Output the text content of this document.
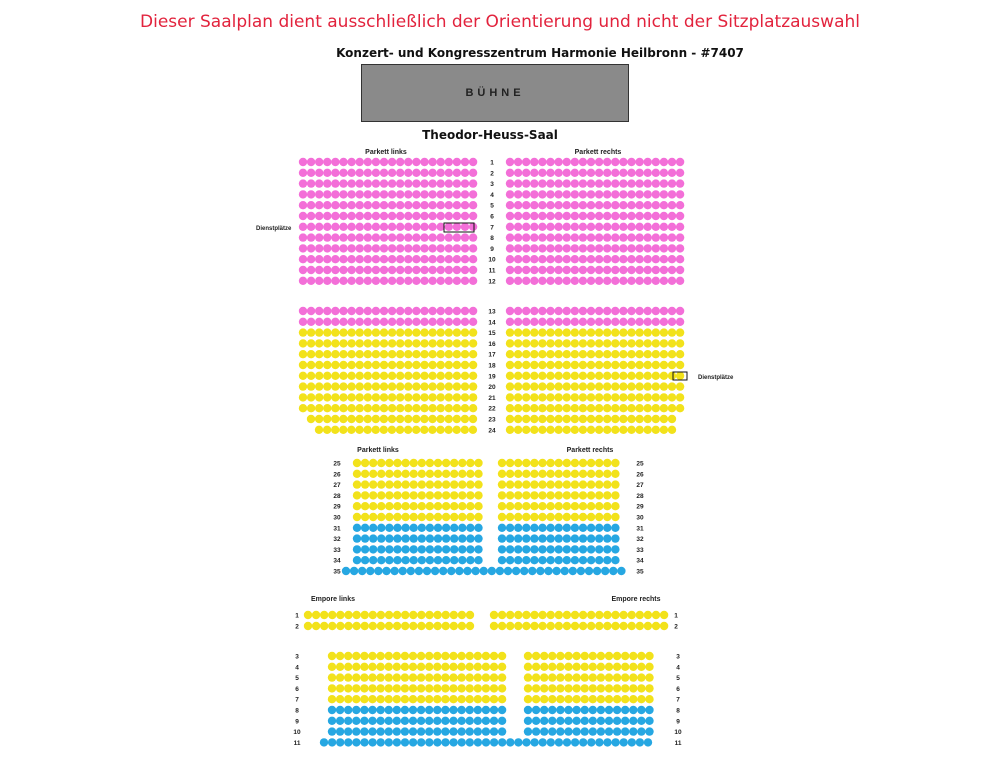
Dieser Saalplan dient ausschließlich der Orientierung und nicht der Sitzplatzauswahl
Konzert- und Kongresszentrum Harmonie Heilbronn - #7407
BÜHNE
Theodor-Heuss-Saal
Parkett links	Parkett rechts
Parkett links	Parkett rechts
Empore links	Empore rechts
Dienstplätze
Dienstplätze
1
2
3
4
5
6
7
8
9
10
11
12
13
14
15
16
17
18
19
20
21
22
23
24
25	25
26	26
27	27
28	28
29	29
30	30
31	31
32	32
33	33
34	34
35	35
1	1
2	2
3	3
4	4
5	5
6	6
7	7
8	8
9	9
10	10
11	11
